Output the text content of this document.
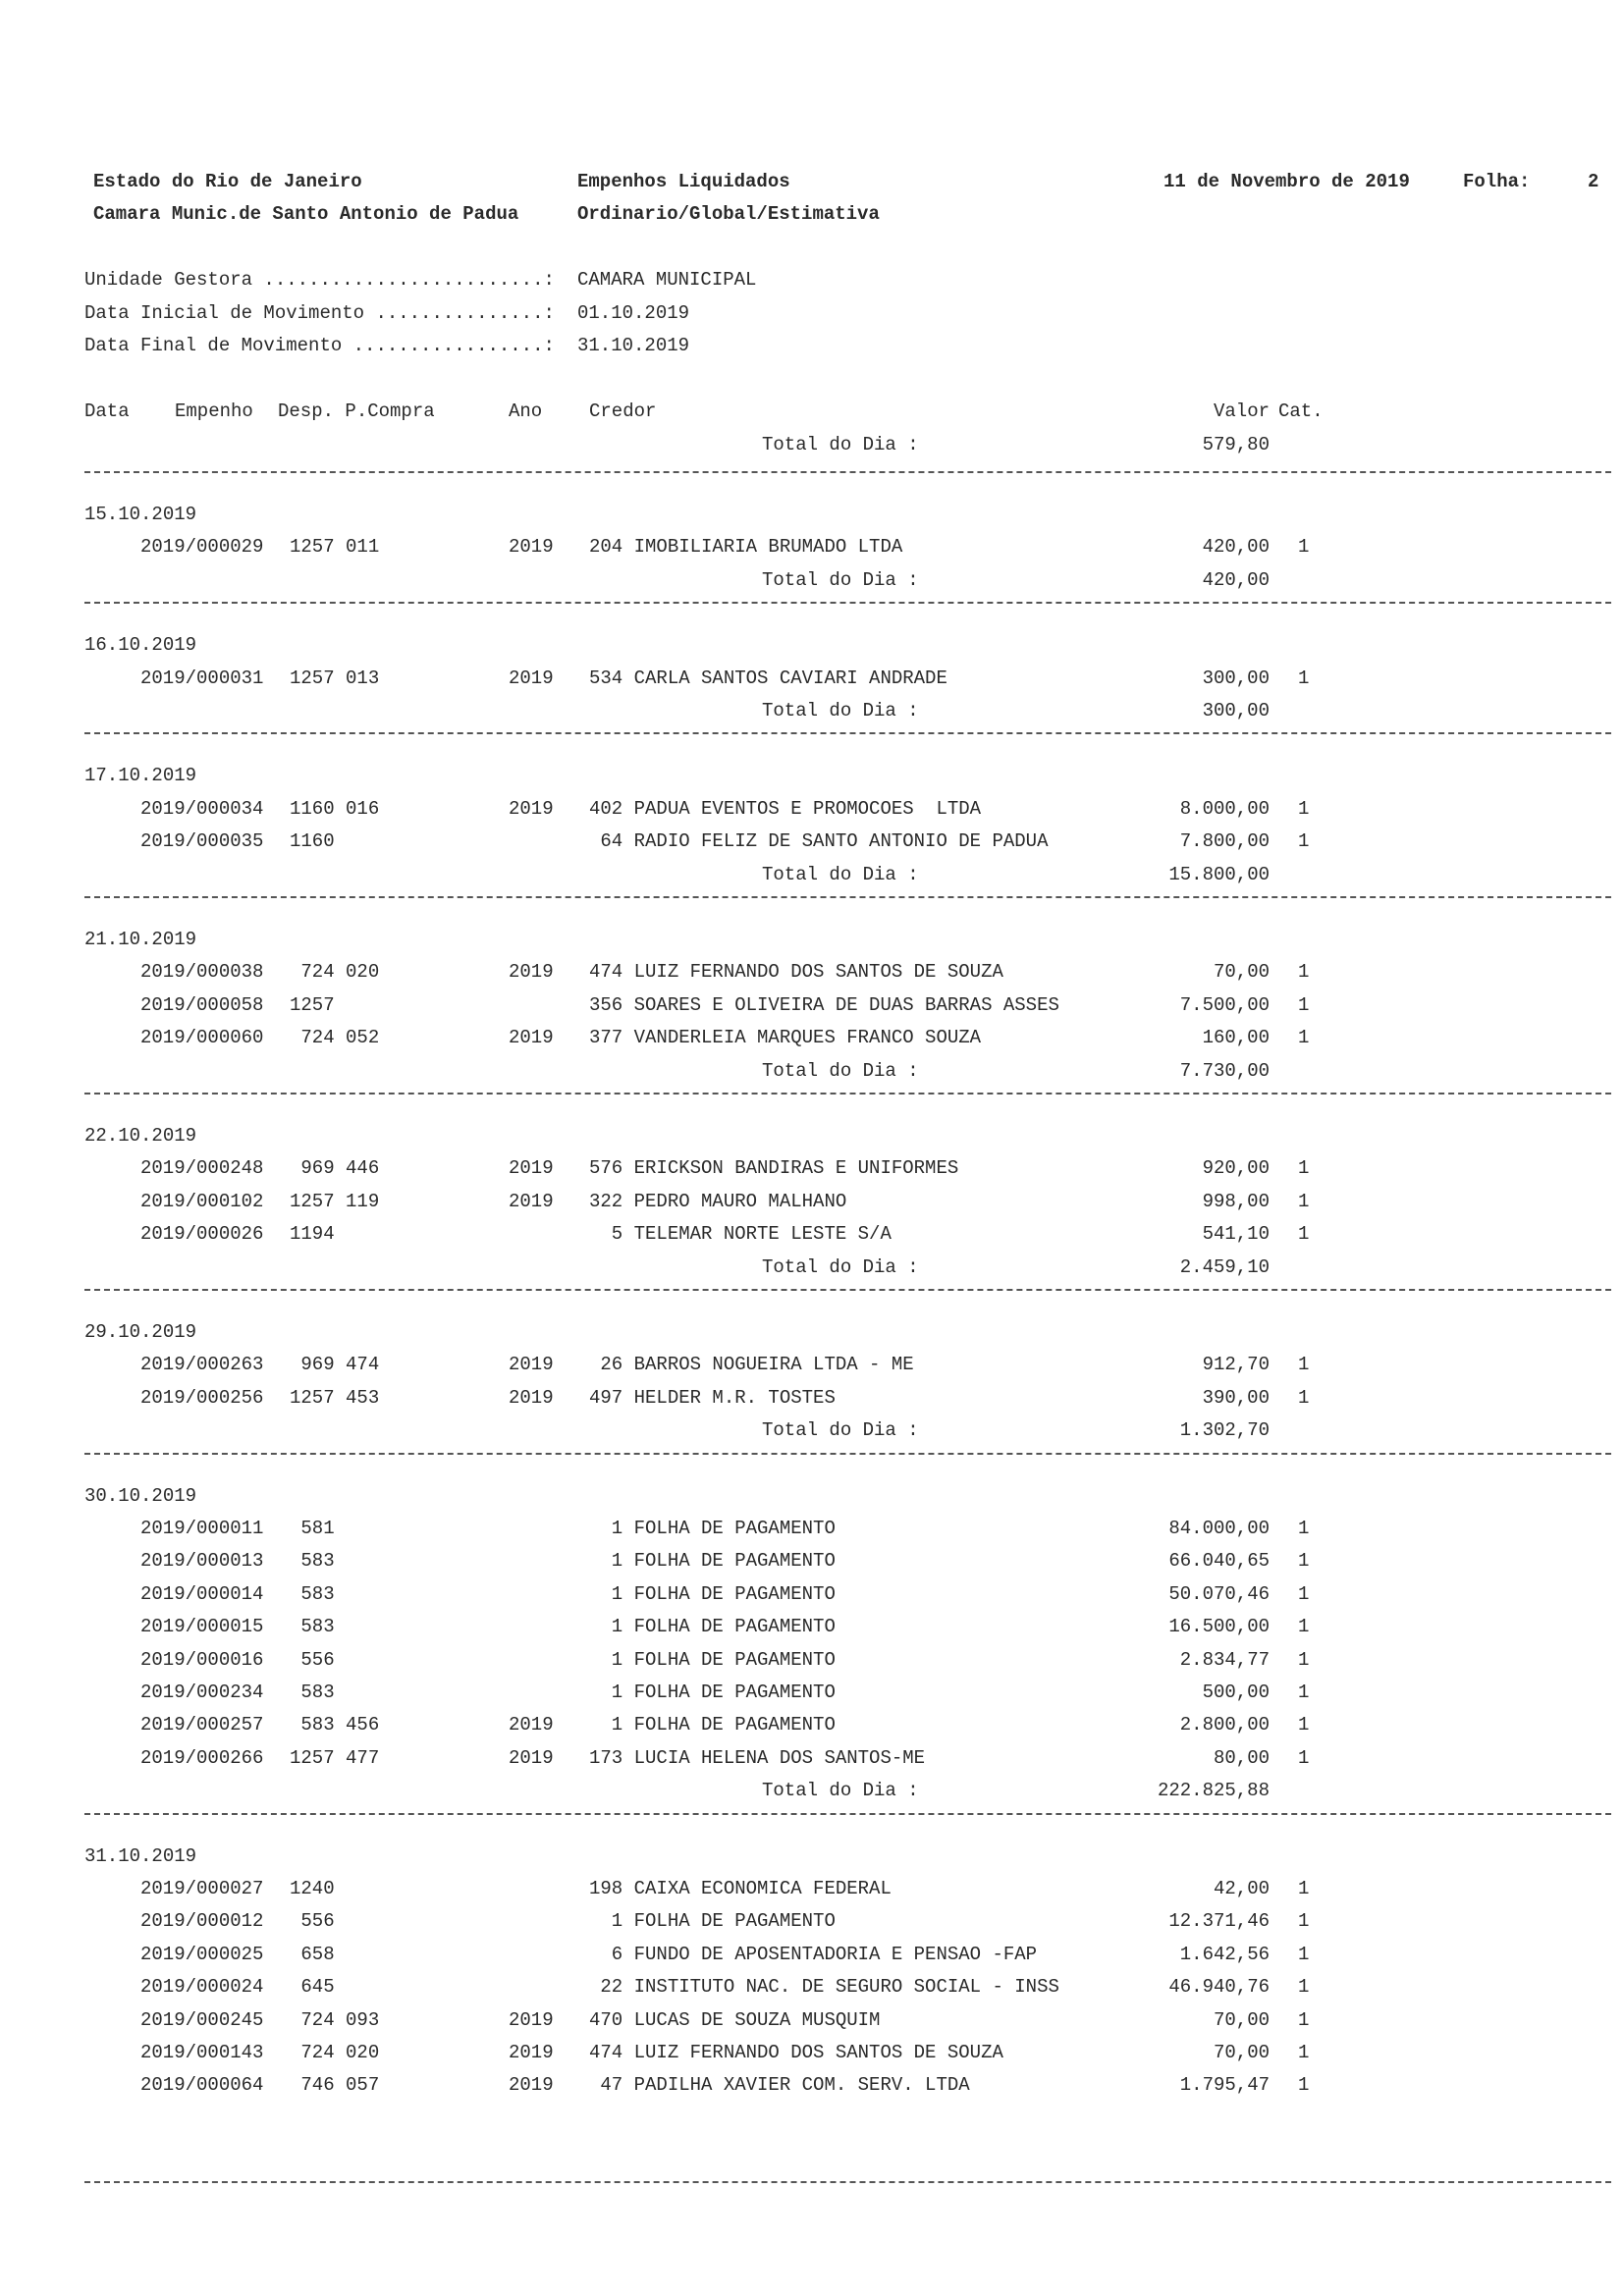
Estado do Rio de Janeiro	Empenhos Liquidados	11 de Novembro de 2019	Folha:	2
Camara Munic.de Santo Antonio de Padua	Ordinario/Global/Estimativa
Unidade Gestora .........................: CAMARA MUNICIPAL
Data Inicial de Movimento ...............: 01.10.2019
Data Final de Movimento .................: 31.10.2019
Data Empenho Desp. P.Compra	Ano	Credor	Valor Cat.
Total do Dia :	579,80
15.10.2019
2019/000029 1257 011	2019 204 IMOBILIARIA BRUMADO LTDA	420,00 1
Total do Dia :	420,00
16.10.2019
2019/000031 1257 013	2019 534 CARLA SANTOS CAVIARI ANDRADE	300,00 1
Total do Dia :	300,00
17.10.2019
2019/000034 1160 016	2019 402 PADUA EVENTOS E PROMOCOES  LTDA	8.000,00 1
2019/000035 1160	64 RADIO FELIZ DE SANTO ANTONIO DE PADUA	7.800,00 1
Total do Dia :	15.800,00
21.10.2019
2019/000038 724 020	2019 474 LUIZ FERNANDO DOS SANTOS DE SOUZA	70,00 1
2019/000058 1257	356 SOARES E OLIVEIRA DE DUAS BARRAS ASSES	7.500,00 1
2019/000060 724 052	2019 377 VANDERLEIA MARQUES FRANCO SOUZA	160,00 1
Total do Dia :	7.730,00
22.10.2019
2019/000248 969 446	2019 576 ERICKSON BANDIRAS E UNIFORMES	920,00 1
2019/000102 1257 119	2019 322 PEDRO MAURO MALHANO	998,00 1
2019/000026 1194	5 TELEMAR NORTE LESTE S/A	541,10 1
Total do Dia :	2.459,10
29.10.2019
2019/000263 969 474	2019 26 BARROS NOGUEIRA LTDA - ME	912,70 1
2019/000256 1257 453	2019 497 HELDER M.R. TOSTES	390,00 1
Total do Dia :	1.302,70
30.10.2019
2019/000011 581	1 FOLHA DE PAGAMENTO	84.000,00 1
2019/000013 583	1 FOLHA DE PAGAMENTO	66.040,65 1
2019/000014 583	1 FOLHA DE PAGAMENTO	50.070,46 1
2019/000015 583	1 FOLHA DE PAGAMENTO	16.500,00 1
2019/000016 556	1 FOLHA DE PAGAMENTO	2.834,77 1
2019/000234 583	1 FOLHA DE PAGAMENTO	500,00 1
2019/000257 583 456	2019 1 FOLHA DE PAGAMENTO	2.800,00 1
2019/000266 1257 477	2019 173 LUCIA HELENA DOS SANTOS-ME	80,00 1
Total do Dia :	222.825,88
31.10.2019
2019/000027 1240	198 CAIXA ECONOMICA FEDERAL	42,00 1
2019/000012 556	1 FOLHA DE PAGAMENTO	12.371,46 1
2019/000025 658	6 FUNDO DE APOSENTADORIA E PENSAO -FAP	1.642,56 1
2019/000024 645	22 INSTITUTO NAC. DE SEGURO SOCIAL - INSS	46.940,76 1
2019/000245 724 093	2019 470 LUCAS DE SOUZA MUSQUIM	70,00 1
2019/000143 724 020	2019 474 LUIZ FERNANDO DOS SANTOS DE SOUZA	70,00 1
2019/000064 746 057	2019 47 PADILHA XAVIER COM. SERV. LTDA	1.795,47 1
